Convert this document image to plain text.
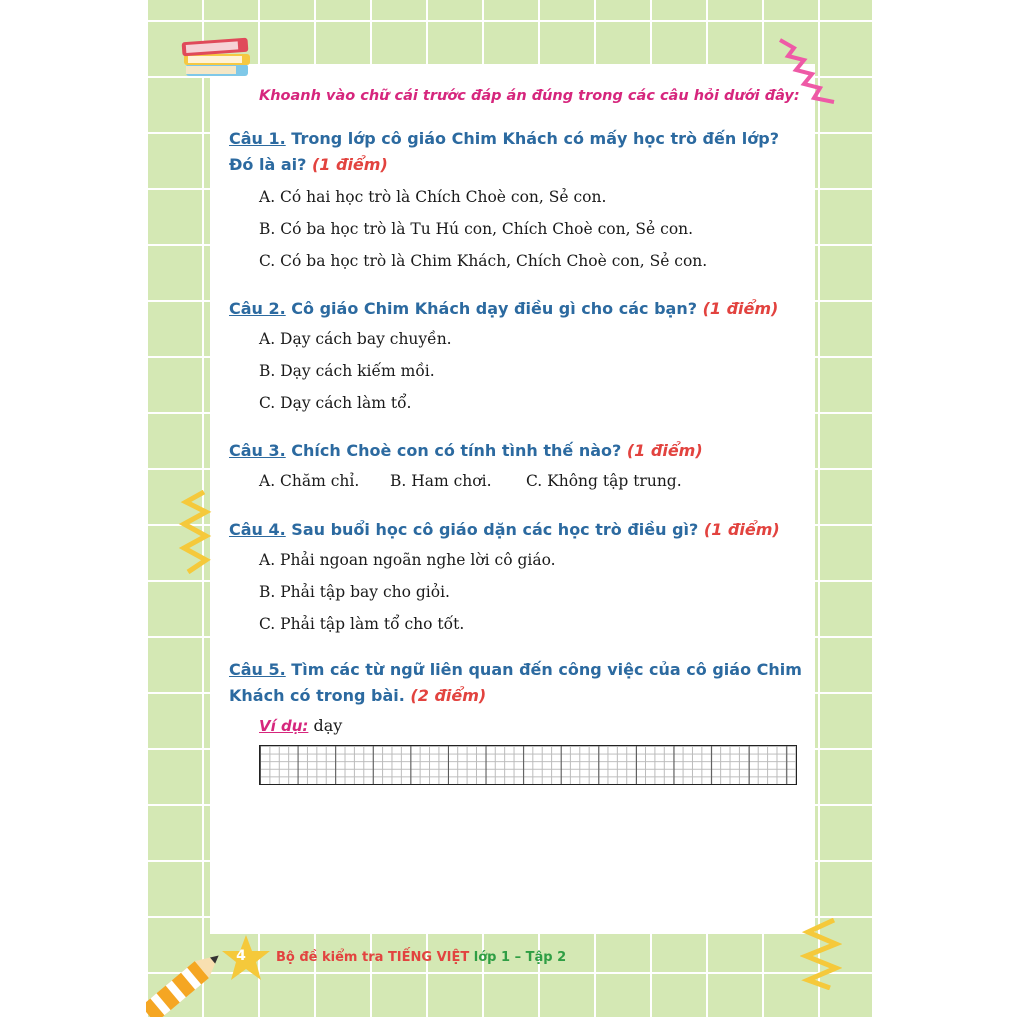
Khoanh vào chữ cái trước đáp án đúng trong các câu hỏi dưới đây:
Câu 1. Trong lớp cô giáo Chim Khách có mấy học trò đến lớp? Đó là ai? (1 điểm)
A. Có hai học trò là Chích Choè con, Sẻ con.
B. Có ba học trò là Tu Hú con, Chích Choè con, Sẻ con.
C. Có ba học trò là Chim Khách, Chích Choè con, Sẻ con.
Câu 2. Cô giáo Chim Khách dạy điều gì cho các bạn? (1 điểm)
A. Dạy cách bay chuyền.
B. Dạy cách kiếm mồi.
C. Dạy cách làm tổ.
Câu 3. Chích Choè con có tính tình thế nào? (1 điểm)
A. Chăm chỉ. B. Ham chơi. C. Không tập trung.
Câu 4. Sau buổi học cô giáo dặn các học trò điều gì? (1 điểm)
A. Phải ngoan ngoãn nghe lời cô giáo.
B. Phải tập bay cho giỏi.
C. Phải tập làm tổ cho tốt.
Câu 5. Tìm các từ ngữ liên quan đến công việc của cô giáo Chim Khách có trong bài. (2 điểm)
Ví dụ: dạy
4 Bộ đề kiểm tra TIẾNG VIỆT lớp 1 – Tập 2
